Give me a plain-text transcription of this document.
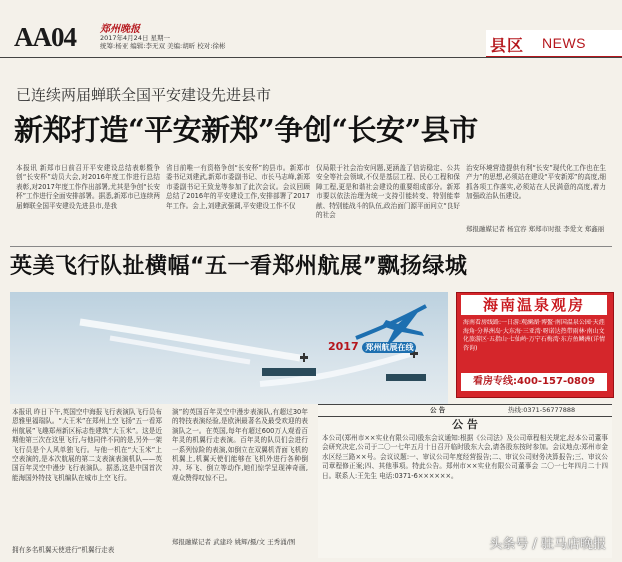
AA04 郑州晚报
2017年4月24日 星期一
统筹:杨亚 编辑:李无双 美编:胡昕 校对:徐彬	县区 NEWS
已连续两届蝉联全国平安建设先进县市
新郑打造“平安新郑”争创“长安”县市
本报讯 新郑市日前召开平安建设总结表彰暨争创“长安杯”动员大会,对2016年度工作进行总结表彰,对2017年度工作作出部署,尤其是争创“长安杯”工作进行全面安排部署。据悉,新郑市已连续两届蝉联全国平安建设先进县市,是我
省目前唯一有资格争创“长安杯”的县市。新郑市委书记刘建武,新郑市委副书记、市长马志峰,新郑市委副书记王致龙等参加了此次会议。会议回顾总结了2016年的平安建设工作,安排部署了2017年工作。会上,刘建武强调,平安建设工作不仅
仅局限于社会治安问题,更涵盖了信访稳定、公共安全等社会领域,不仅是基层工程、民心工程和保障工程,更是和谐社会建设的重要组成部分。新郑市要以依法治理为统一支持引能转变、特别能奉献、特别能战斗的队伍,政治面门源平面问立“良好的社会
治安环境营造提供有利“长安”现代化工作也在生产力”的思想,必须站在建设“平安新郑”的高度,细抓各项工作落实,必须站在人民满意的高度,着力加强政治队伍建设。
郑报融媒记者 杨宜容 郑郑市时报 李爱文 郑鑫丽
英美飞行队扯横幅“五一看郑州航展”飘扬绿城
2017 郑州航展在线
本报讯 昨日下午,英国空中海报飞行表演队飞行员布恩雅里福瑞队。“大王米”在郑州上空飞扬“五一看郑州航展”飞趣郑州新区标志性建筑“大玉米”。这是近期他第三次在这里飞行,与他同伴不同的是,另外一架飞行员是个人风单独飞行。与他一机在“大玉米”上空表演的,是本次航展的第二支表演表演机队——英国百年灵空中漫步飞行表演队。据悉,这是中国首次能海国外特技飞机编队在城市上空飞行。
拥有多名机翼天使进行“机翼行走表
演”的英国百年灵空中漫步表演队,有超过30年的特技表演经验,是欧洲最著名及最受欢迎的表演队之一。在英国,每年有超过600万人观看百年灵的机翼行走表演。百年灵的队员们会进行一系列惊险的表演,如倒立在双翼机背面飞机的机翼上,机翼天使们能够在飞机外进行各种倒冲、环飞、倒立等动作,她们惊学呈现神奇画,观众赞得叹惊不已。
郑报融媒记者 武建玲 姚辉/摄/文 王秀涌/图
海南温泉观房
海南看房线路:一日游:观澜湖·博鳌·南国温泉公园·天涯海角·分界洲岛·大东海·三亚湾·呀诺达热带雨林·南山文化旅游区·五指山·七仙岭·万宁石梅湾·东方鱼鳞洲(详情咨询)
看房专线:400-157-0809
公 告	热线:0371-56777888
公 告
本公司(郑州市××实业有限公司)股东会议通知:根据《公司法》及公司章程相关规定,经本公司董事会研究决定,公司于二〇一七年五月十日召开临时股东大会,请各股东按时参加。会议地点:郑州市金水区经三路××号。会议议题:一、审议公司年度经营报告;二、审议公司财务决算报告;三、审议公司章程修正案;四、其他事项。特此公告。郑州市××实业有限公司董事会 二〇一七年四月二十四日。联系人:王先生 电话:0371-6××××××。
头条号 / 驻马店晚报
